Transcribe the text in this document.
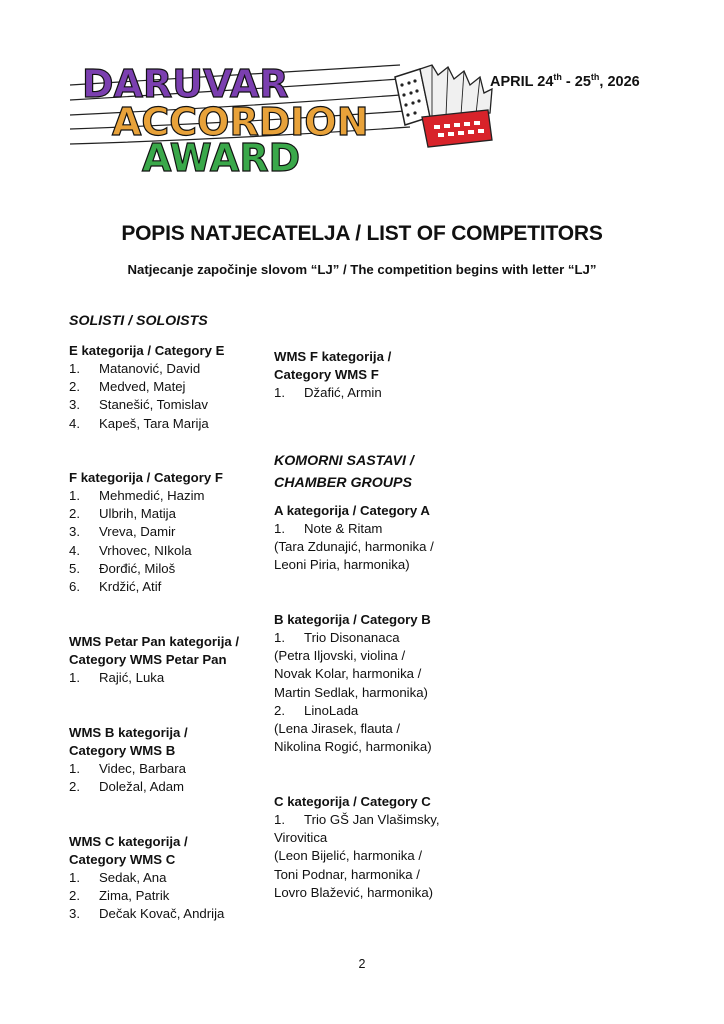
DARUVAR
ACCORDION
AWARD
APRIL 24th - 25th, 2026
POPIS NATJECATELJA / LIST OF COMPETITORS
Natjecanje započinje slovom “LJ” / The competition begins with letter “LJ”
SOLISTI / SOLOISTS
E kategorija / Category E
1. Matanović, David
2. Medved, Matej
3. Stanešić, Tomislav
4. Kapeš, Tara Marija
F kategorija / Category F
1. Mehmedić, Hazim
2. Ulbrih, Matija
3. Vreva, Damir
4. Vrhovec, NIkola
5. Đorđić, Miloš
6. Krdžić, Atif
WMS Petar Pan kategorija /
Category WMS Petar Pan
1. Rajić, Luka
WMS B kategorija /
Category WMS B
1. Videc, Barbara
2. Doležal, Adam
WMS C kategorija /
Category WMS C
1. Sedak, Ana
2. Zima, Patrik
3. Dečak Kovač, Andrija
WMS F kategorija /
Category WMS F
1. Džafić, Armin
KOMORNI SASTAVI /
CHAMBER GROUPS
A kategorija / Category A
1. Note & Ritam
(Tara Zdunajić, harmonika /
Leoni Piria, harmonika)
B kategorija / Category B
1. Trio Disonanaca
(Petra Iljovski, violina /
Novak Kolar, harmonika /
Martin Sedlak, harmonika)
2. LinoLada
(Lena Jirasek, flauta /
Nikolina Rogić, harmonika)
C kategorija / Category C
1. Trio GŠ Jan Vlašimsky,
Virovitica
(Leon Bijelić, harmonika /
Toni Podnar, harmonika /
Lovro Blažević, harmonika)
2
